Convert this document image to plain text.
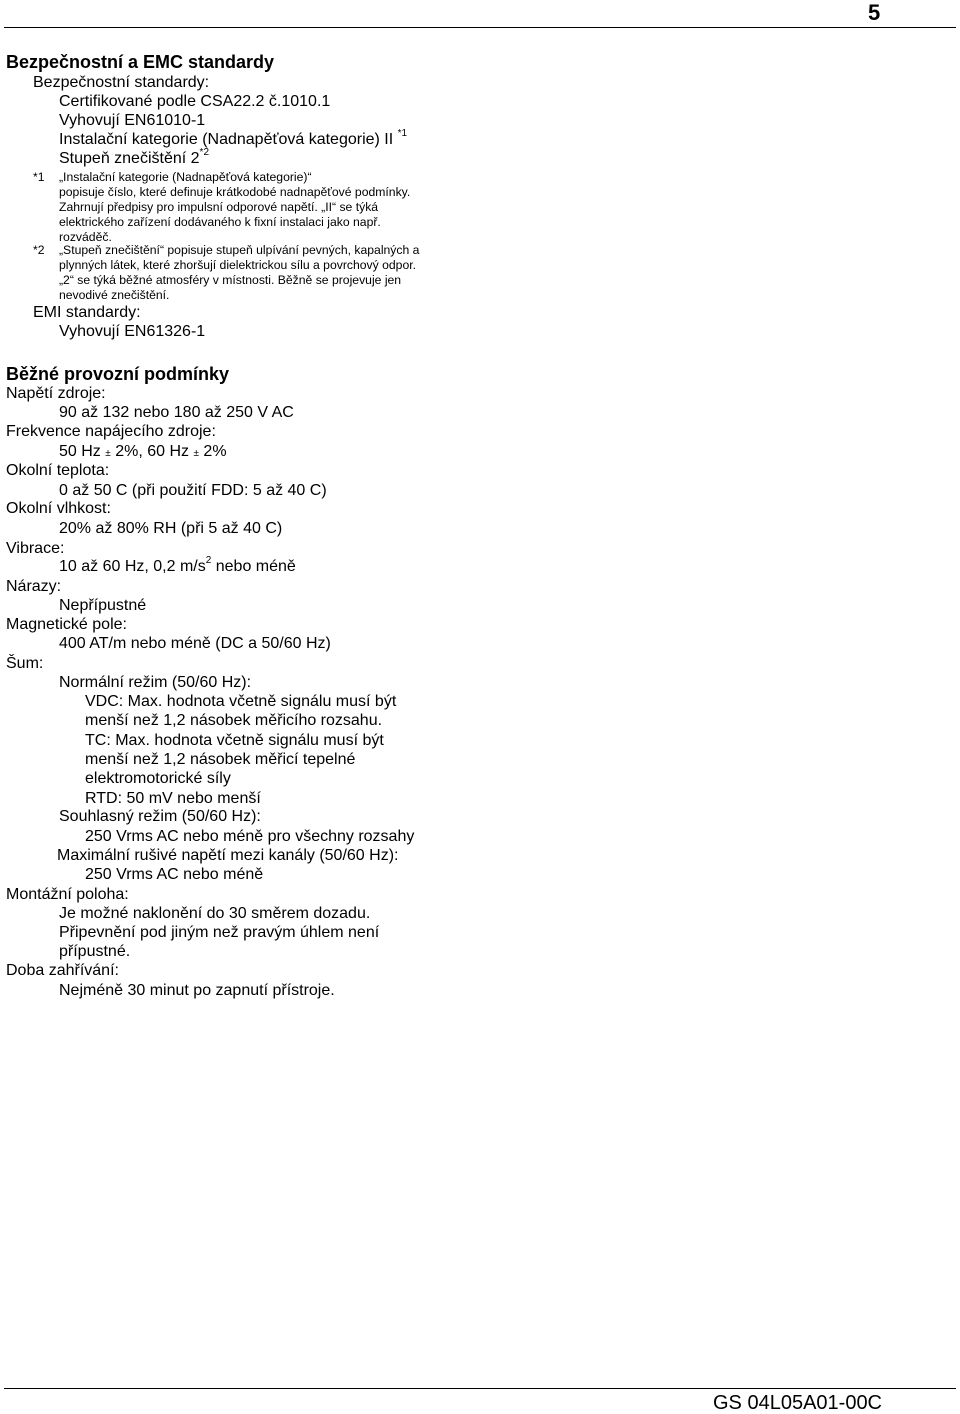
5
Bezpečnostní a EMC standardy
Bezpečnostní standardy:
Certifikované podle CSA22.2 č.1010.1
Vyhovují EN61010-1
Instalační kategorie (Nadnapěťová kategorie) II $^{*1}$
Stupeň znečištění 2$^{*2}$
*1 „Instalační kategorie (Nadnapěťová kategorie)“
popisuje číslo, které definuje krátkodobé nadnapěťové podmínky.
Zahrnují předpisy pro impulsní odporové napětí. „II“ se týká
elektrického zařízení dodávaného k fixní instalaci jako např.
rozváděč.
*2 „Stupeň znečištění“ popisuje stupeň ulpívání pevných, kapalných a
plynných látek, které zhoršují dielektrickou sílu a povrchový odpor.
„2“ se týká běžné atmosféry v místnosti. Běžně se projevuje jen
nevodivé znečištění.
EMI standardy:
Vyhovují EN61326-1
Běžné provozní podmínky
Napětí zdroje:
90 až 132 nebo 180 až 250 V AC
Frekvence napájecího zdroje:
50 Hz ± 2%, 60 Hz ± 2%
Okolní teplota:
0 až 50 C (při použití FDD: 5 až 40 C)
Okolní vlhkost:
20% až 80% RH (při 5 až 40 C)
Vibrace:
10 až 60 Hz, 0,2 $m/s^2$ nebo méně
Nárazy:
Nepřípustné
Magnetické pole:
400 AT/m nebo méně (DC a 50/60 Hz)
Šum:
Normální režim (50/60 Hz):
VDC: Max. hodnota včetně signálu musí být
menší než 1,2 násobek měřicího rozsahu.
TC: Max. hodnota včetně signálu musí být
menší než 1,2 násobek měřicí tepelné
elektromotorické síly
RTD: 50 mV nebo menší
Souhlasný režim (50/60 Hz):
250 Vrms AC nebo méně pro všechny rozsahy
Maximální rušivé napětí mezi kanály (50/60 Hz):
250 Vrms AC nebo méně
Montážní poloha:
Je možné naklonění do 30 směrem dozadu.
Připevnění pod jiným než pravým úhlem není
přípustné.
Doba zahřívání:
Nejméně 30 minut po zapnutí přístroje.
GS 04L05A01-00C
